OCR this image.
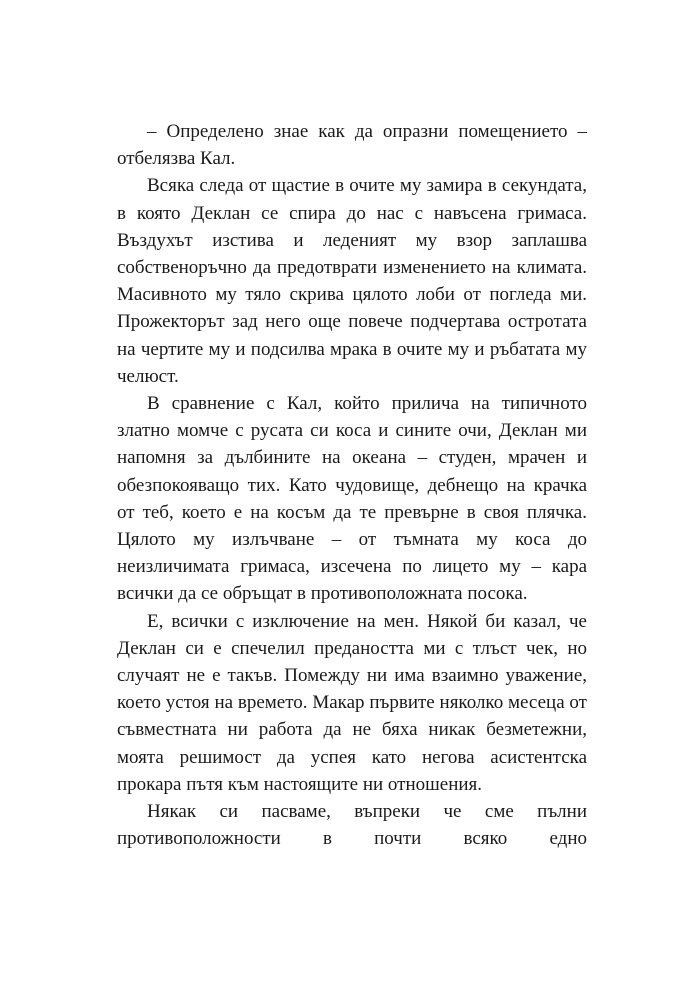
– Определено знае как да опразни помещението – отбелязва Кал.

Всяка следа от щастие в очите му замира в секундата, в която Деклан се спира до нас с навъсена гримаса. Въздухът изстива и леденият му взор заплашва собственоръчно да предотврати изменението на климата. Масивното му тяло скрива цялото лоби от погледа ми. Прожекторът зад него още повече подчертава остротата на чертите му и подсилва мрака в очите му и ръбатата му челюст.

В сравнение с Кал, който прилича на типичното златно момче с русата си коса и сините очи, Деклан ми напомня за дълбините на океана – студен, мрачен и обезпокояващо тих. Като чудовище, дебнещо на крачка от теб, което е на косъм да те превърне в своя плячка. Цялото му излъчване – от тъмната му коса до неизличимата гримаса, изсечена по лицето му – кара всички да се обръщат в противоположната посока.

Е, всички с изключение на мен. Някой би казал, че Деклан си е спечелил предаността ми с тлъст чек, но случаят не е такъв. Помежду ни има взаимно уважение, което устоя на времето. Макар първите няколко месеца от съвместната ни работа да не бяха никак безметежни, моята решимост да успея като негова асистентска прокара пътя към настоящите ни отношения.

Някак си пасваме, въпреки че сме пълни противоположности в почти всяко едно
